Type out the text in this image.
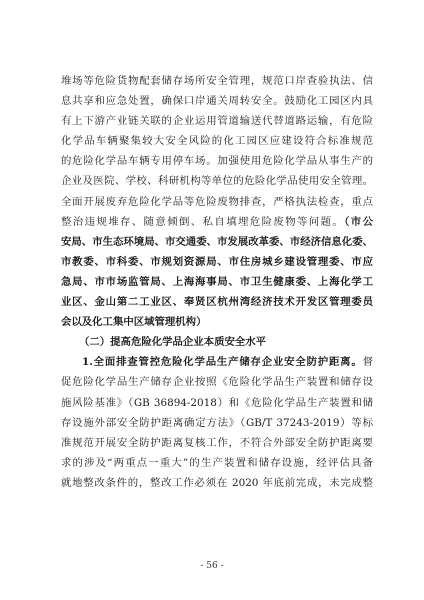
堆场等危险货物配套储存场所安全管理，规范口岸查验执法、信
息共享和应急处置，确保口岸通关周转安全。鼓励化工园区内具
有上下游产业链关联的企业运用管道输送代替道路运输，有危险
化学品车辆聚集较大安全风险的化工园区应建设符合标准规范
的危险化学品车辆专用停车场。加强使用危险化学品从事生产的
企业及医院、学校、科研机构等单位的危险化学品使用安全管理。
全面开展废弃危险化学品等危险废物排查，严格执法检查，重点
整治违规堆存、随意倾倒、私自填埋危险废物等问题。（市公
安局、市生态环境局、市交通委、市发展改革委、市经济信息化委、
市教委、市科委、市规划资源局、市住房城乡建设管理委、市应
急局、市市场监管局、上海海事局、市卫生健康委、上海化学工
业区、金山第二工业区、奉贤区杭州湾经济技术开发区管理委员
会以及化工集中区域管理机构）
（二）提高危险化学品企业本质安全水平
1.全面排查管控危险化学品生产储存企业安全防护距离。督
促危险化学品生产储存企业按照《危险化学品生产装置和储存设
施风险基准》（GB 36894-2018）和《危险化学品生产装置和储
存设施外部安全防护距离确定方法》（GB/T 37243-2019）等标
准规范开展安全防护距离复核工作，不符合外部安全防护距离要
求的涉及“两重点一重大”的生产装置和储存设施，经评估具备
就地整改条件的，整改工作必须在 2020 年底前完成，未完成整
- 56 -
